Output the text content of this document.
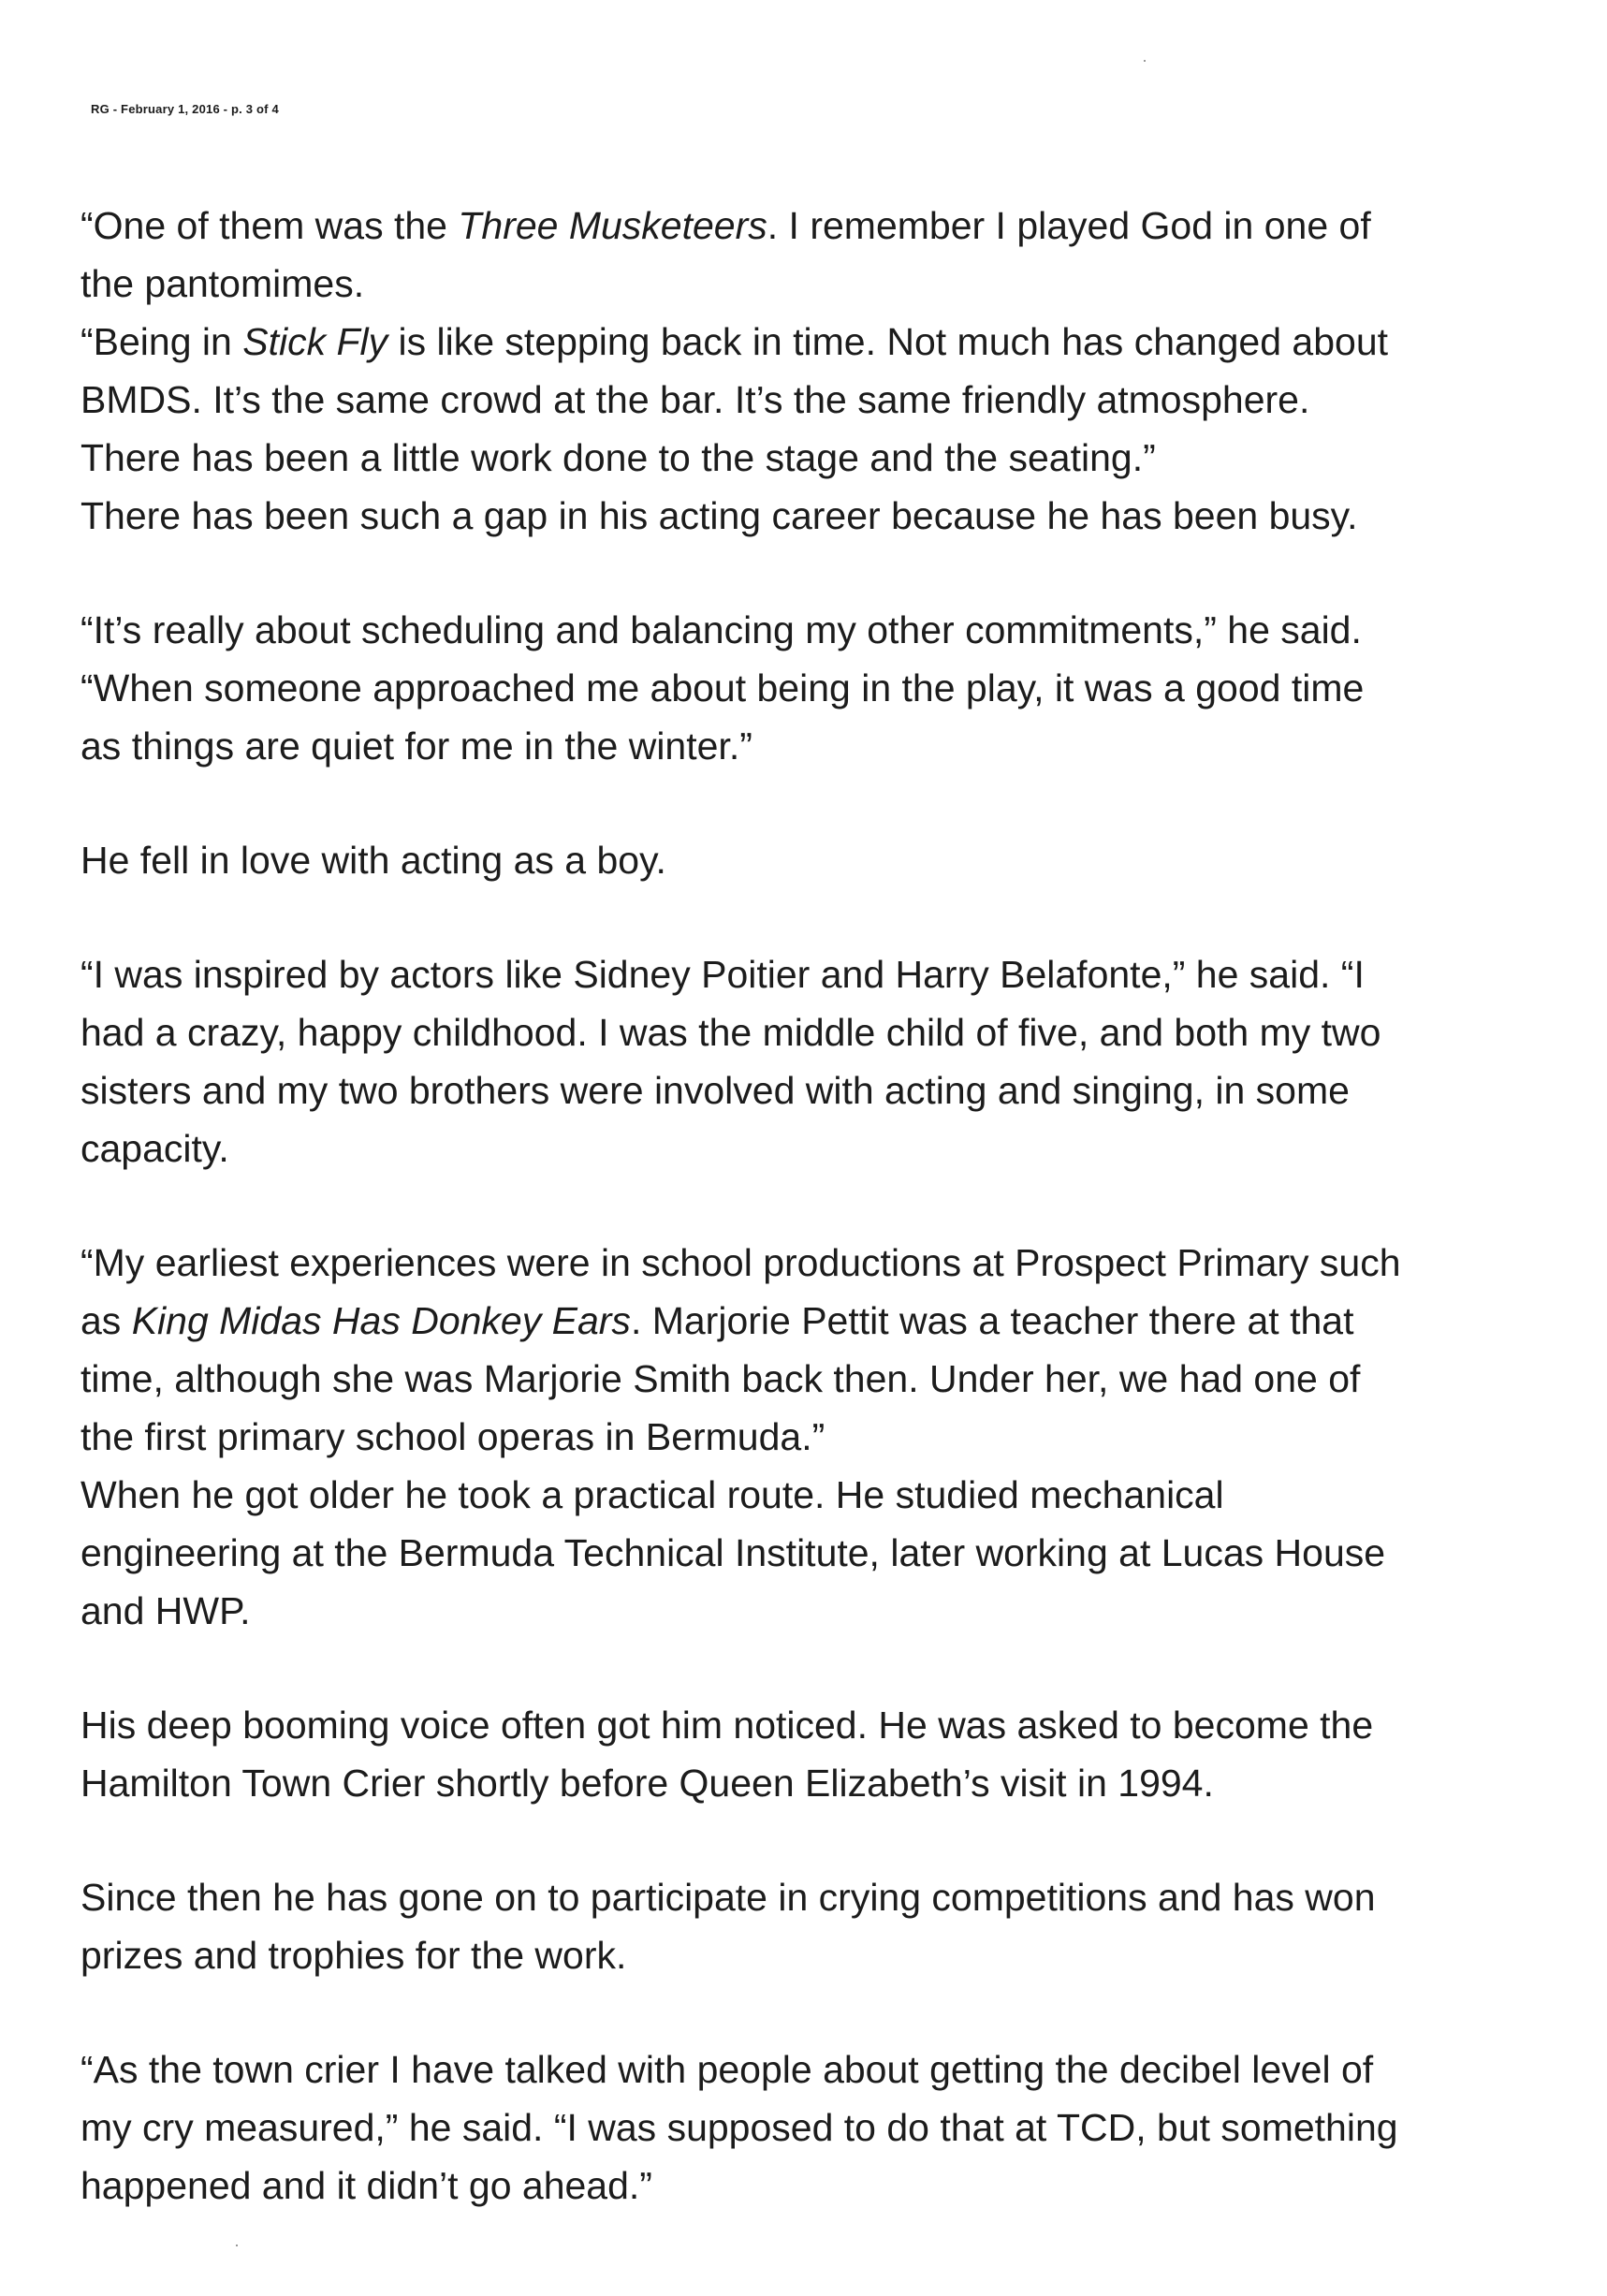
RG - February 1, 2016 - p. 3 of 4
“One of them was the Three Musketeers. I remember I played God in one of
the pantomimes.
“Being in Stick Fly is like stepping back in time. Not much has changed about
BMDS. It’s the same crowd at the bar. It’s the same friendly atmosphere.
There has been a little work done to the stage and the seating.”
There has been such a gap in his acting career because he has been busy.
“It’s really about scheduling and balancing my other commitments,” he said.
“When someone approached me about being in the play, it was a good time
as things are quiet for me in the winter.”
He fell in love with acting as a boy.
“I was inspired by actors like Sidney Poitier and Harry Belafonte,” he said. “I
had a crazy, happy childhood. I was the middle child of five, and both my two
sisters and my two brothers were involved with acting and singing, in some
capacity.
“My earliest experiences were in school productions at Prospect Primary such
as King Midas Has Donkey Ears. Marjorie Pettit was a teacher there at that
time, although she was Marjorie Smith back then. Under her, we had one of
the first primary school operas in Bermuda.”
When he got older he took a practical route. He studied mechanical
engineering at the Bermuda Technical Institute, later working at Lucas House
and HWP.
His deep booming voice often got him noticed. He was asked to become the
Hamilton Town Crier shortly before Queen Elizabeth’s visit in 1994.
Since then he has gone on to participate in crying competitions and has won
prizes and trophies for the work.
“As the town crier I have talked with people about getting the decibel level of
my cry measured,” he said. “I was supposed to do that at TCD, but something
happened and it didn’t go ahead.”
